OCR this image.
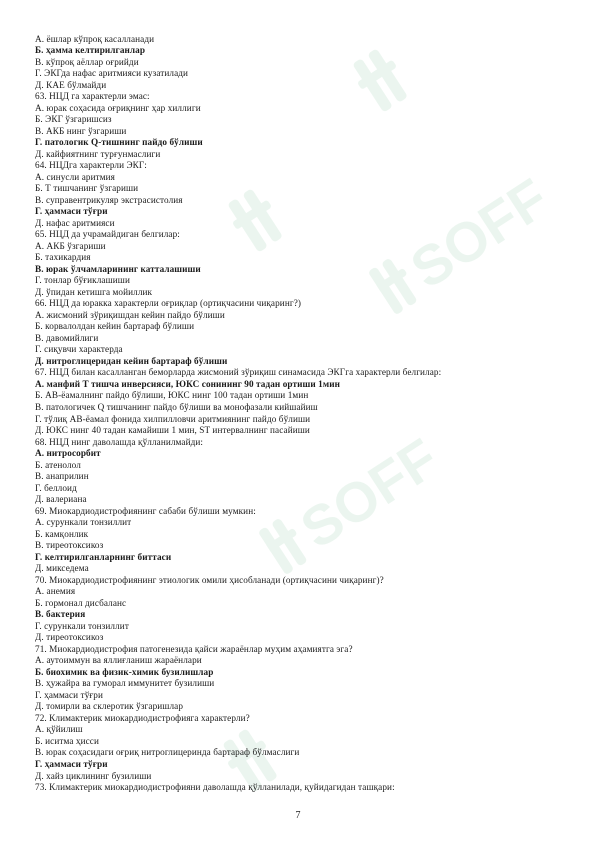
SOFF
SOFF
А. ёшлар кўпроқ касалланади
Б. ҳамма келтирилганлар
В. кўпроқ аёллар оғрийди
Г. ЭКГда нафас аритмияси кузатилади
Д. КАЕ бўлмайди
63. НЦД га характерли эмас:
А. юрак соҳасида оғриқнинг ҳар хиллиги
Б. ЭКГ ўзгаришсиз
В. АКБ нинг ўзгариши
Г. патологик Q-тишнинг пайдо бўлиши
Д. кайфиятнинг турғунмаслиги
64. НЦДга характерли ЭКГ:
А. синусли аритмия
Б. Т тишчанинг ўзгариши
В. суправентрикуляр экстрасистолия
Г. ҳаммаси тўғри
Д. нафас аритмияси
65. НЦД да учрамайдиган белгилар:
А. АКБ ўзгариши
Б. тахикардия
В. юрак ўлчамларининг катталашиши
Г. тонлар бўғиклашиши
Д. ўпидан кетишга мойиллик
66. НЦД да юракка характерли оғриқлар (ортиқчасини чиқаринг?)
А. жисмоний зўриқишдан кейин пайдо бўлиши
Б. корвалолдан кейин бартараф бўлиши
В. давомийлиги
Г. сиқувчи характерда
Д. нитроглицеридан кейин бартараф бўлиши
67. НЦД билан касалланган беморларда жисмоний зўриқиш синамасида ЭКГга характерли белгилар:
А. манфий Т тишча инверсияси, ЮКС сонининг 90 тадан ортиши 1мин
Б. АВ-ёамалнинг пайдо бўлиши, ЮКС нинг 100 тадан ортиши 1мин
В. патологичек Q тишчанинг пайдо бўлиши ва монофазали кийшайиш
Г. тўлиқ АВ-ёамал фонида хилпилловчи аритмиянинг пайдо бўлиши
Д. ЮКС нинг 40 тадан камайиши 1 мин, ST интервалнинг пасайиши
68. НЦД нинг даволашда қўлланилмайди:
А. нитросорбит
Б. атенолол
В. анаприлин
Г. беллоид
Д. валериана
69. Миокардиодистрофиянинг сабаби бўлиши мумкин:
А. сурункали тонзиллит
Б. камқонлик
В. тиреотоксикоз
Г. келтирилганларнинг биттаси
Д. микседема
70. Миокардиодистрофиянинг этиологик омили ҳисобланади (ортиқчасини чиқаринг)?
А. анемия
Б. гормонал дисбаланс
В. бактерия
Г. сурункали тонзиллит
Д. тиреотоксикоз
71. Миокардиодистрофия патогенезида қайси жараёнлар муҳим аҳамиятга эга?
А. аутоиммун ва яллиғланиш жараёнлари
Б. биохимик ва физик-химик бузилишлар
В. ҳужайра ва гуморал иммунитет бузилиши
Г. ҳаммаси тўғри
Д. томирли ва склеротик ўзгаришлар
72. Климактерик миокардиодистрофияга характерли?
А. қўйилиш
Б. иситма ҳисси
В. юрак соҳасидаги оғриқ нитроглицеринда бартараф бўлмаслиги
Г. ҳаммаси тўғри
Д. хайз циклининг бузилиши
73. Климактерик миокардиодистрофияни даволашда қўлланилади, қуйидагидан ташқари:
7
